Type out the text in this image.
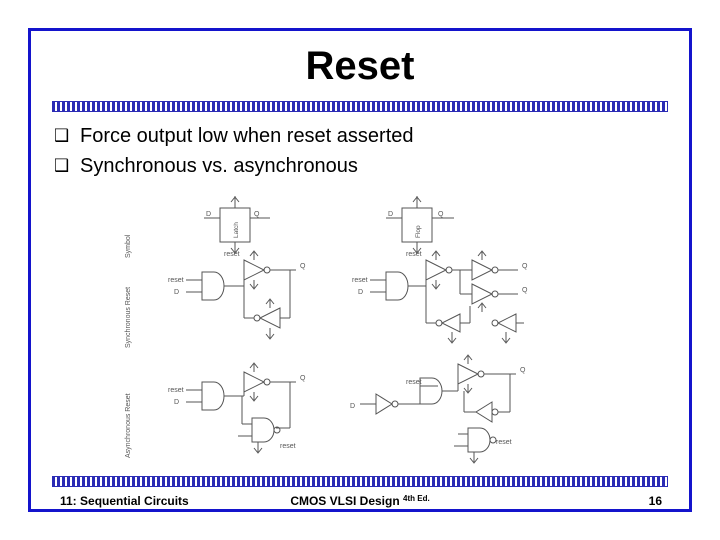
Reset
❑ Force output low when reset asserted
❑ Synchronous vs. asynchronous
Symbol
Synchronous Reset
Asynchronous Reset
D	Q
Latch
reset
D	Q
Flop
reset
reset
D
Q
reset
D
Q
Q
reset
D
Q
reset
D
reset
Q
reset
11: Sequential Circuits	CMOS VLSI Design $^{4th Ed.}$	16
